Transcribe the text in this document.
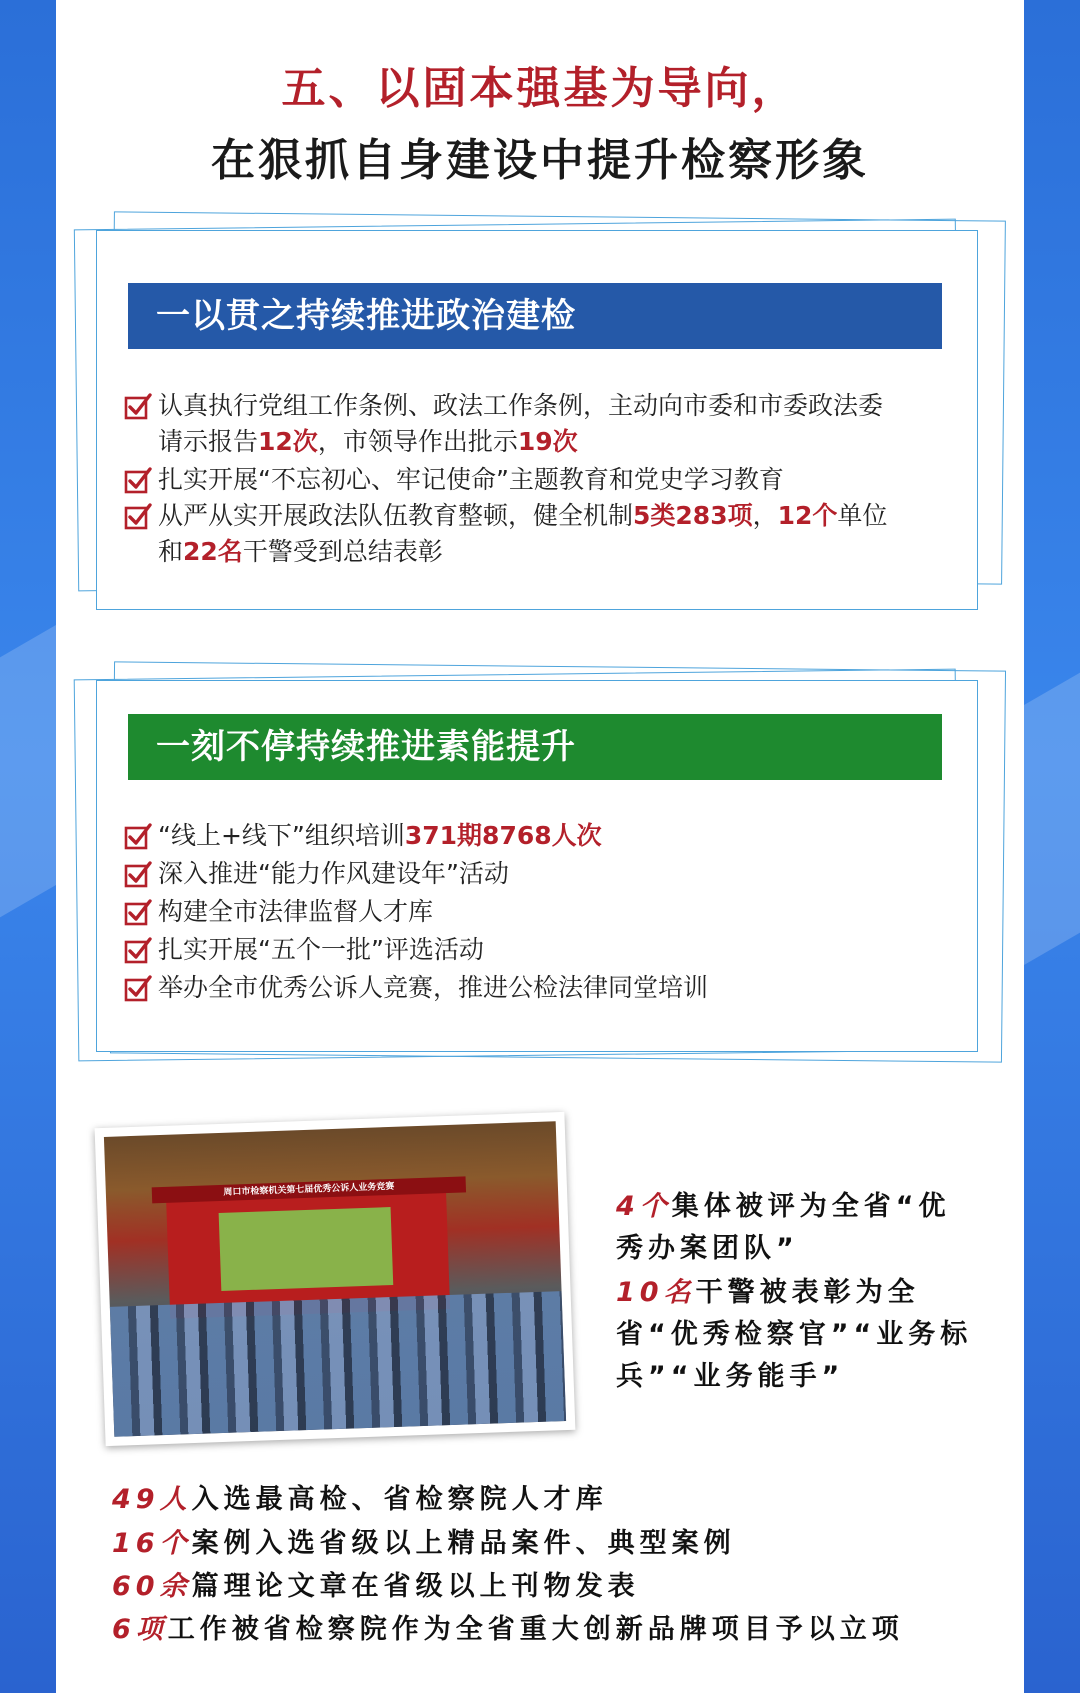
五、以固本强基为导向，
在狠抓自身建设中提升检察形象
一以贯之持续推进政治建检
认真执行党组工作条例、政法工作条例，主动向市委和市委政法委
请示报告12次，市领导作出批示19次
扎实开展“不忘初心、牢记使命”主题教育和党史学习教育
从严从实开展政法队伍教育整顿，健全机制5类283项，12个单位
和22名干警受到总结表彰
一刻不停持续推进素能提升
“线上+线下”组织培训371期8768人次
深入推进“能力作风建设年”活动
构建全市法律监督人才库
扎实开展“五个一批”评选活动
举办全市优秀公诉人竞赛，推进公检法律同堂培训
周口市检察机关第七届优秀公诉人业务竞赛
4个集体被评为全省“优秀办案团队”
10名干警被表彰为全省“优秀检察官”“业务标兵”“业务能手”
49人入选最高检、省检察院人才库
16个案例入选省级以上精品案件、典型案例
60余篇理论文章在省级以上刊物发表
6项工作被省检察院作为全省重大创新品牌项目予以立项
